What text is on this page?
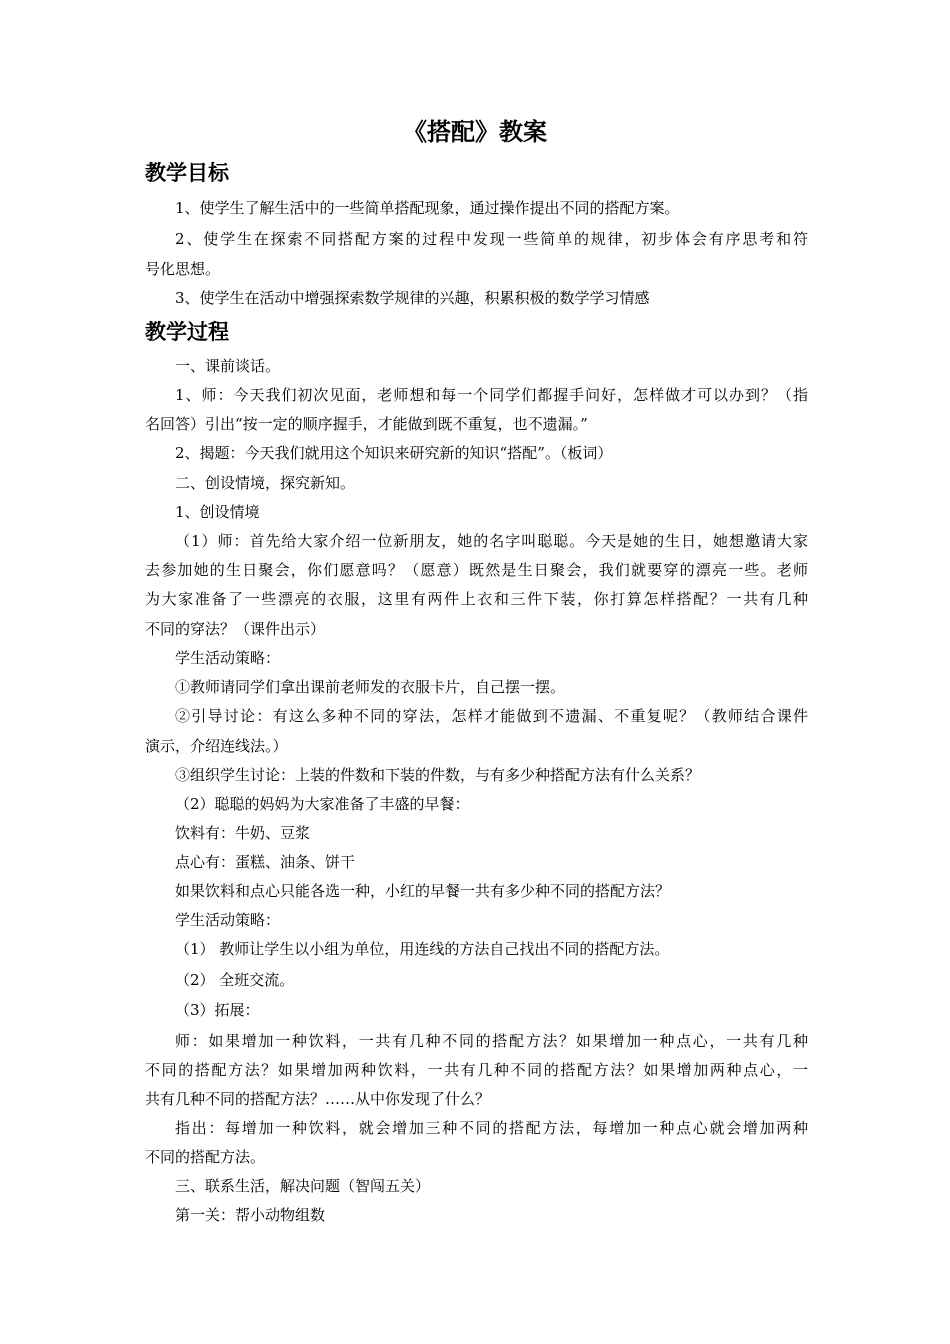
《搭配》教案
教学目标
1、使学生了解生活中的一些简单搭配现象，通过操作提出不同的搭配方案。
2、使学生在探索不同搭配方案的过程中发现一些简单的规律，初步体会有序思考和符
号化思想。
3、使学生在活动中增强探索数学规律的兴趣，积累积极的数学学习情感
教学过程
一、课前谈话。
1、师：今天我们初次见面，老师想和每一个同学们都握手问好，怎样做才可以办到？（指
名回答）引出“按一定的顺序握手，才能做到既不重复，也不遗漏。”
2、揭题：今天我们就用这个知识来研究新的知识“搭配”。（板词）
二、创设情境，探究新知。
1、创设情境
（1）师：首先给大家介绍一位新朋友，她的名字叫聪聪。今天是她的生日，她想邀请大家
去参加她的生日聚会，你们愿意吗？（愿意）既然是生日聚会，我们就要穿的漂亮一些。老师
为大家准备了一些漂亮的衣服，这里有两件上衣和三件下装，你打算怎样搭配？一共有几种
不同的穿法？（课件出示）
学生活动策略：
①教师请同学们拿出课前老师发的衣服卡片，自己摆一摆。
②引导讨论：有这么多种不同的穿法，怎样才能做到不遗漏、不重复呢？（教师结合课件
演示，介绍连线法。）
③组织学生讨论：上装的件数和下装的件数，与有多少种搭配方法有什么关系？
（2）聪聪的妈妈为大家准备了丰盛的早餐：
饮料有：牛奶、豆浆
点心有：蛋糕、油条、饼干
如果饮料和点心只能各选一种，小红的早餐一共有多少种不同的搭配方法？
学生活动策略：
（1） 教师让学生以小组为单位，用连线的方法自己找出不同的搭配方法。
（2） 全班交流。
（3）拓展：
师：如果增加一种饮料，一共有几种不同的搭配方法？如果增加一种点心，一共有几种
不同的搭配方法？如果增加两种饮料，一共有几种不同的搭配方法？如果增加两种点心，一
共有几种不同的搭配方法？……从中你发现了什么？
指出：每增加一种饮料，就会增加三种不同的搭配方法，每增加一种点心就会增加两种
不同的搭配方法。
三、联系生活，解决问题（智闯五关）
第一关：帮小动物组数
